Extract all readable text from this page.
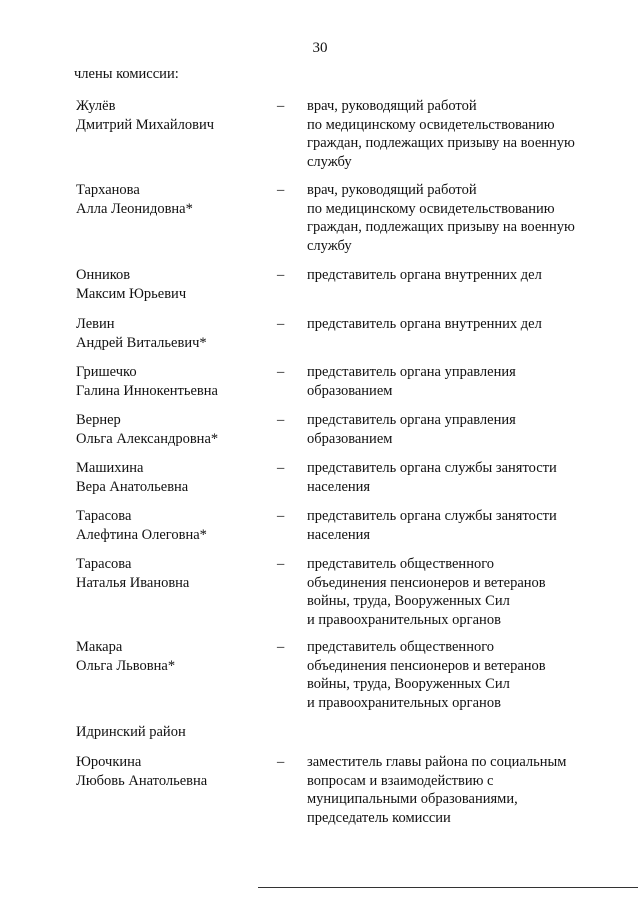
30
члены комиссии:
Жулёв
Дмитрий Михайлович
– врач, руководящий работой
по медицинскому освидетельствованию
граждан, подлежащих призыву на военную
службу
Тарханова
Алла Леонидовна*
– врач, руководящий работой
по медицинскому освидетельствованию
граждан, подлежащих призыву на военную
службу
Онников
Максим Юрьевич
– представитель органа внутренних дел
Левин
Андрей Витальевич*
– представитель органа внутренних дел
Гришечко
Галина Иннокентьевна
– представитель органа управления
образованием
Вернер
Ольга Александровна*
– представитель органа управления
образованием
Машихина
Вера Анатольевна
– представитель органа службы занятости
населения
Тарасова
Алефтина Олеговна*
– представитель органа службы занятости
населения
Тарасова
Наталья Ивановна
– представитель общественного
объединения пенсионеров и ветеранов
войны, труда, Вооруженных Сил
и правоохранительных органов
Макара
Ольга Львовна*
– представитель общественного
объединения пенсионеров и ветеранов
войны, труда, Вооруженных Сил
и правоохранительных органов
Идринский район
Юрочкина
Любовь Анатольевна
– заместитель главы района по социальным
вопросам и взаимодействию с
муниципальными образованиями,
председатель комиссии
